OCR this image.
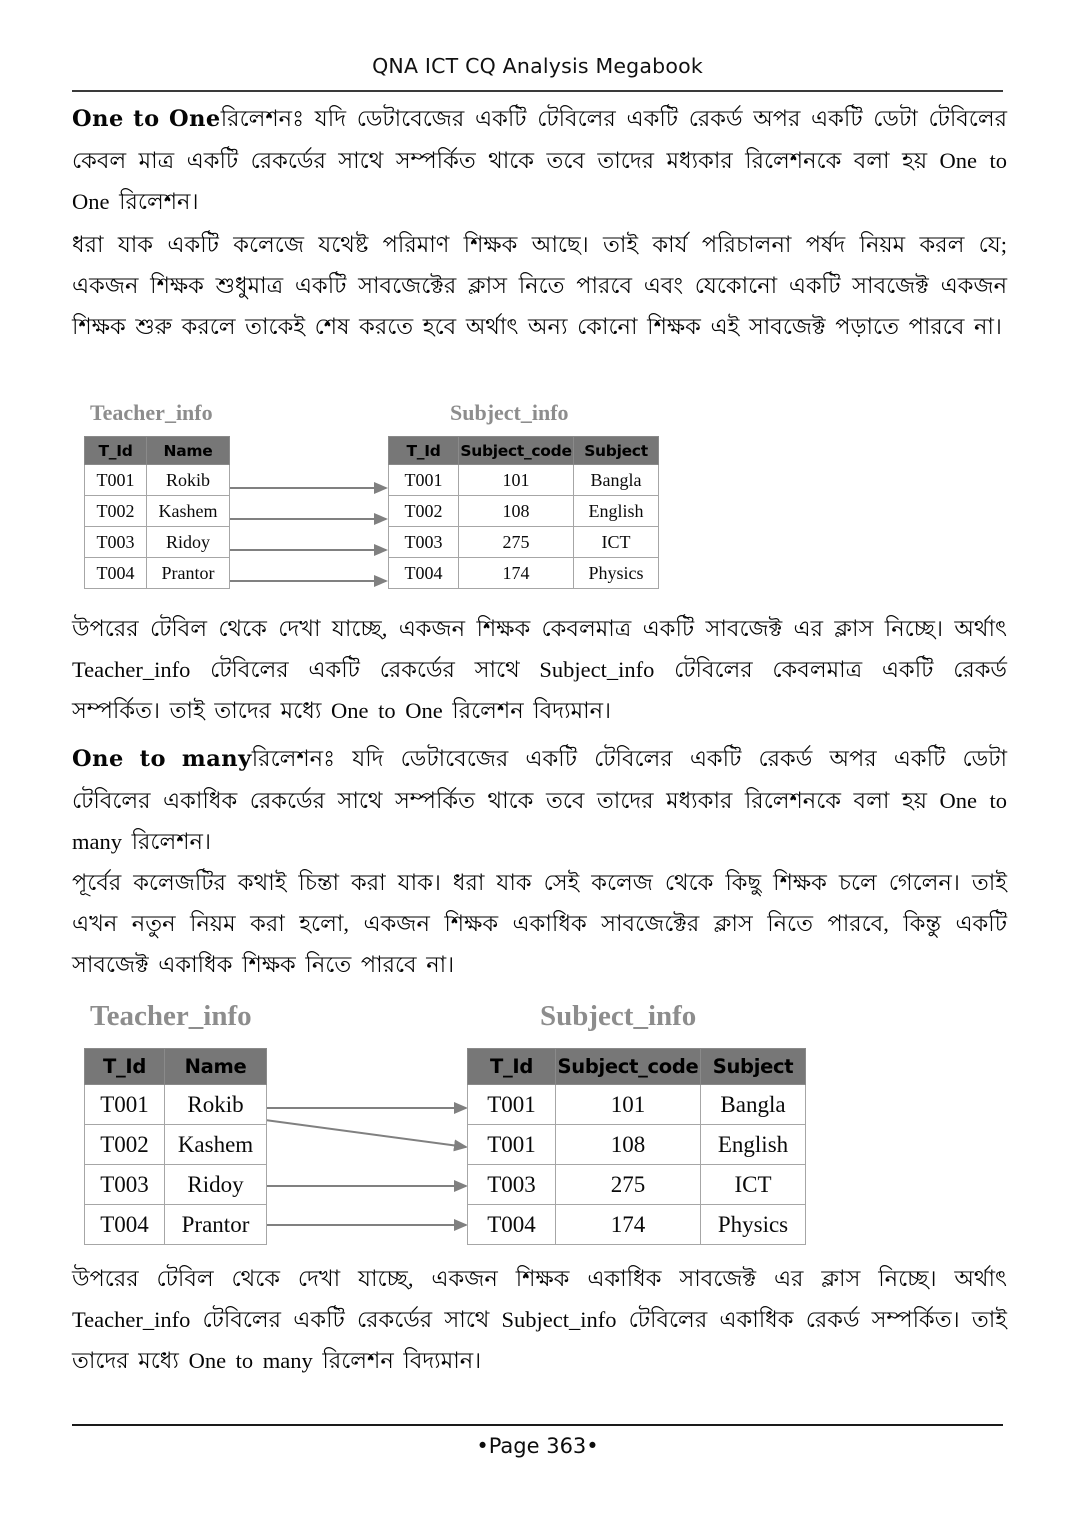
QNA ICT CQ Analysis Megabook
One to Oneরিলেশনঃ যদি ডেটাবেজের একটি টেবিলের একটি রেকর্ড অপর একটি ডেটা টেবিলের কেবল মাত্র একটি রেকর্ডের সাথে সম্পর্কিত থাকে তবে তাদের মধ্যকার রিলেশনকে বলা হয় One to One রিলেশন।
ধরা যাক একটি কলেজে যথেষ্ট পরিমাণ শিক্ষক আছে। তাই কার্য পরিচালনা পর্ষদ নিয়ম করল যে; একজন শিক্ষক শুধুমাত্র একটি সাবজেক্টের ক্লাস নিতে পারবে এবং যেকোনো একটি সাবজেক্ট একজন শিক্ষক শুরু করলে তাকেই শেষ করতে হবে অর্থাৎ অন্য কোনো শিক্ষক এই সাবজেক্ট পড়াতে পারবে না।
Teacher_info	Subject_info
T_Id	Name
T001	Rokib
T002	Kashem
T003	Ridoy
T004	Prantor
T_Id	Subject_code	Subject
T001	101	Bangla
T002	108	English
T003	275	ICT
T004	174	Physics
উপরের টেবিল থেকে দেখা যাচ্ছে, একজন শিক্ষক কেবলমাত্র একটি সাবজেক্ট এর ক্লাস নিচ্ছে। অর্থাৎ Teacher_info টেবিলের একটি রেকর্ডের সাথে Subject_info টেবিলের কেবলমাত্র একটি রেকর্ড সম্পর্কিত। তাই তাদের মধ্যে One to One রিলেশন বিদ্যমান।
One to manyরিলেশনঃ যদি ডেটাবেজের একটি টেবিলের একটি রেকর্ড অপর একটি ডেটা টেবিলের একাধিক রেকর্ডের সাথে সম্পর্কিত থাকে তবে তাদের মধ্যকার রিলেশনকে বলা হয় One to many রিলেশন।
পূর্বের কলেজটির কথাই চিন্তা করা যাক। ধরা যাক সেই কলেজ থেকে কিছু শিক্ষক চলে গেলেন। তাই এখন নতুন নিয়ম করা হলো, একজন শিক্ষক একাধিক সাবজেক্টের ক্লাস নিতে পারবে, কিন্তু একটি সাবজেক্ট একাধিক শিক্ষক নিতে পারবে না।
Teacher_info	Subject_info
T_Id	Name
T001	Rokib
T002	Kashem
T003	Ridoy
T004	Prantor
T_Id	Subject_code	Subject
T001	101	Bangla
T001	108	English
T003	275	ICT
T004	174	Physics
উপরের টেবিল থেকে দেখা যাচ্ছে, একজন শিক্ষক একাধিক সাবজেক্ট এর ক্লাস নিচ্ছে। অর্থাৎ Teacher_info টেবিলের একটি রেকর্ডের সাথে Subject_info টেবিলের একাধিক রেকর্ড সম্পর্কিত। তাই তাদের মধ্যে One to many রিলেশন বিদ্যমান।
•Page 363•
